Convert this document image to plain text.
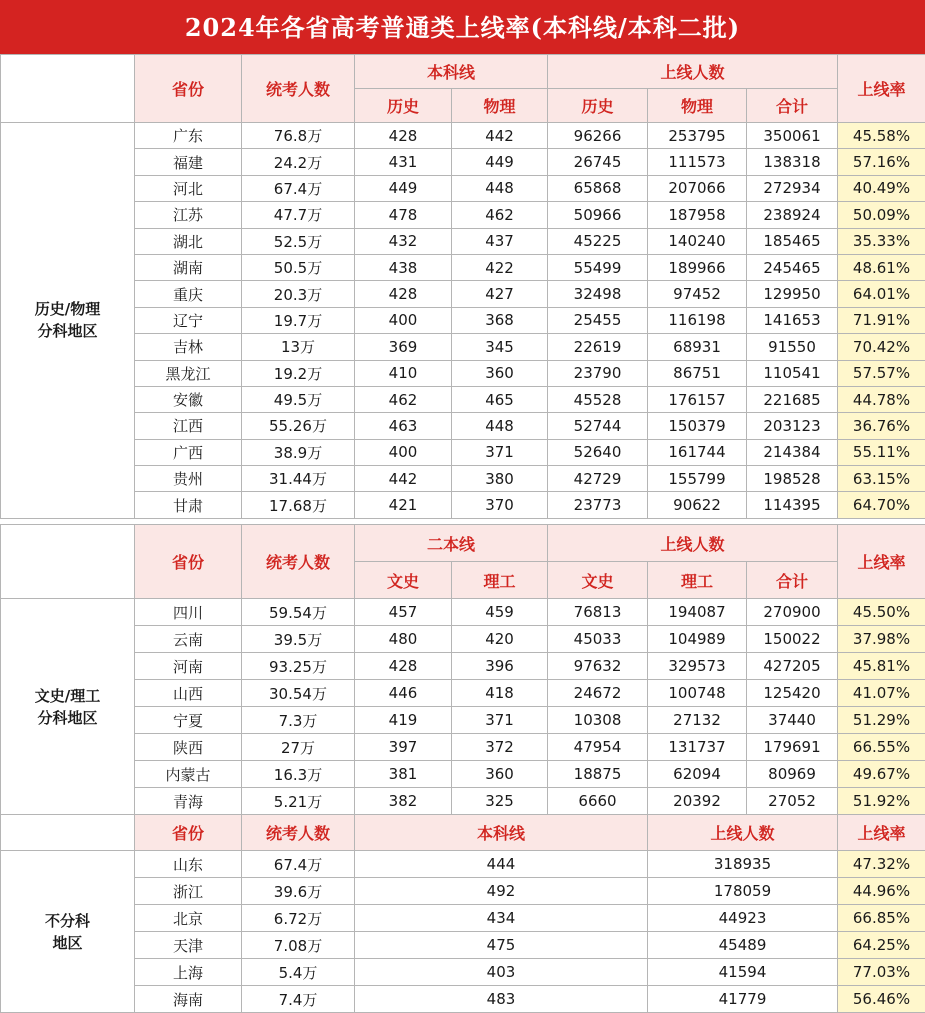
2024年各省高考普通类上线率(本科线/本科二批)
	省份	统考人数	本科线		上线人数			上线率
			历史	物理	历史	物理	合计	

历史/物理
分科地区	广东	76.8万	428	442	96266	253795	350061	45.58%
	福建	24.2万	431	449	26745	111573	138318	57.16%
	河北	67.4万	449	448	65868	207066	272934	40.49%
	江苏	47.7万	478	462	50966	187958	238924	50.09%
	湖北	52.5万	432	437	45225	140240	185465	35.33%
	湖南	50.5万	438	422	55499	189966	245465	48.61%
	重庆	20.3万	428	427	32498	97452	129950	64.01%
	辽宁	19.7万	400	368	25455	116198	141653	71.91%
	吉林	13万	369	345	22619	68931	91550	70.42%
	黑龙江	19.2万	410	360	23790	86751	110541	57.57%
	安徽	49.5万	462	465	45528	176157	221685	44.78%
	江西	55.26万	463	448	52744	150379	203123	36.76%
	广西	38.9万	400	371	52640	161744	214384	55.11%
	贵州	31.44万	442	380	42729	155799	198528	63.15%
	甘肃	17.68万	421	370	23773	90622	114395	64.70%
	省份	统考人数	二本线		上线人数			上线率
			文史	理工	文史	理工	合计	

文史/理工
分科地区	四川	59.54万	457	459	76813	194087	270900	45.50%
	云南	39.5万	480	420	45033	104989	150022	37.98%
	河南	93.25万	428	396	97632	329573	427205	45.81%
	山西	30.54万	446	418	24672	100748	125420	41.07%
	宁夏	7.3万	419	371	10308	27132	37440	51.29%
	陕西	27万	397	372	47954	131737	179691	66.55%
	内蒙古	16.3万	381	360	18875	62094	80969	49.67%
	青海	5.21万	382	325	6660	20392	27052	51.92%
	省份	统考人数	本科线	上线人数	上线率

不分科
地区	山东	67.4万	444	318935	47.32%
	浙江	39.6万	492	178059	44.96%
	北京	6.72万	434	44923	66.85%
	天津	7.08万	475	45489	64.25%
	上海	5.4万	403	41594	77.03%
	海南	7.4万	483	41779	56.46%
